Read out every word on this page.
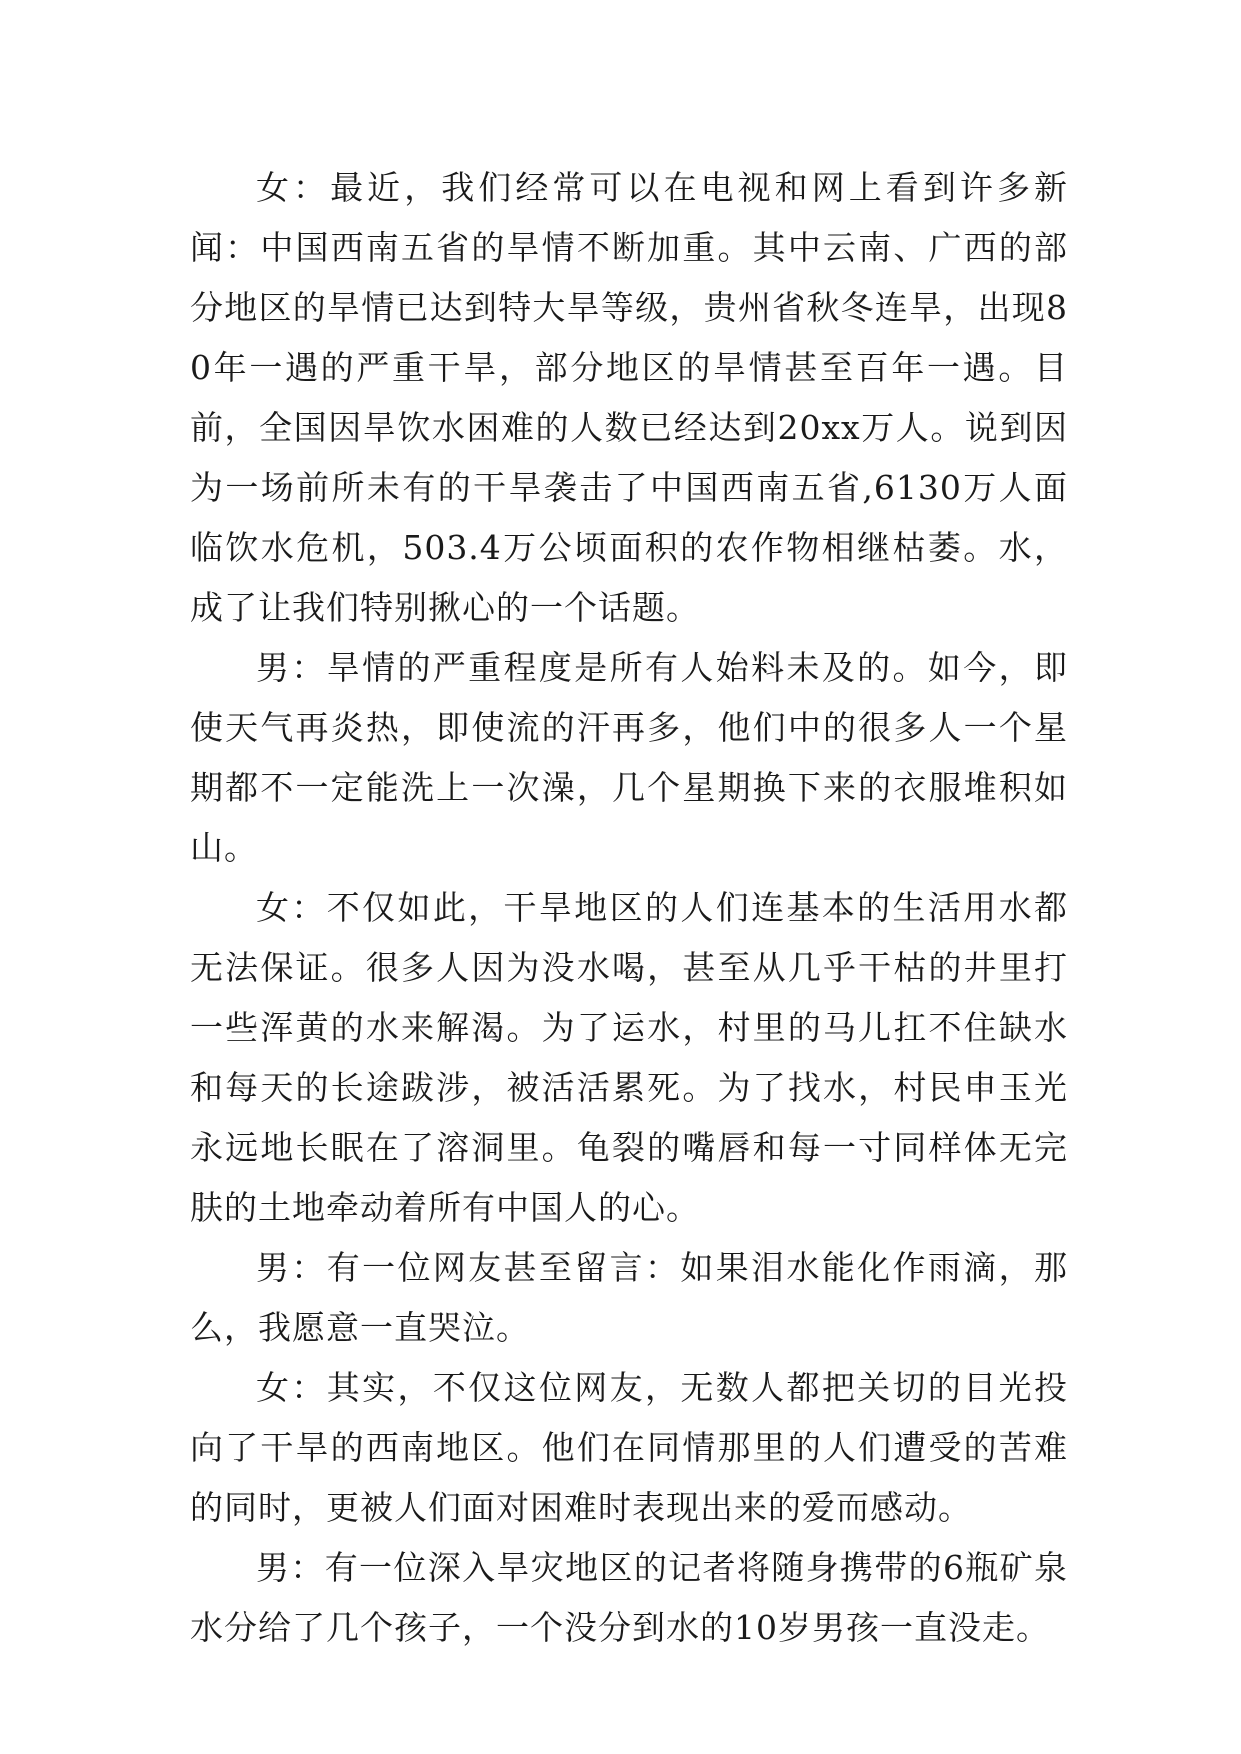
女：最近，我们经常可以在电视和网上看到许多新闻：中国西南五省的旱情不断加重。其中云南、广西的部分地区的旱情已达到特大旱等级，贵州省秋冬连旱，出现80年一遇的严重干旱，部分地区的旱情甚至百年一遇。目前，全国因旱饮水困难的人数已经达到20xx万人。说到因为一场前所未有的干旱袭击了中国西南五省,6130万人面临饮水危机，503.4万公顷面积的农作物相继枯萎。水，成了让我们特别揪心的一个话题。

男：旱情的严重程度是所有人始料未及的。如今，即使天气再炎热，即使流的汗再多，他们中的很多人一个星期都不一定能洗上一次澡，几个星期换下来的衣服堆积如山。

女：不仅如此，干旱地区的人们连基本的生活用水都无法保证。很多人因为没水喝，甚至从几乎干枯的井里打一些浑黄的水来解渴。为了运水，村里的马儿扛不住缺水和每天的长途跋涉，被活活累死。为了找水，村民申玉光永远地长眠在了溶洞里。龟裂的嘴唇和每一寸同样体无完肤的土地牵动着所有中国人的心。

男：有一位网友甚至留言：如果泪水能化作雨滴，那么，我愿意一直哭泣。

女：其实，不仅这位网友，无数人都把关切的目光投向了干旱的西南地区。他们在同情那里的人们遭受的苦难的同时，更被人们面对困难时表现出来的爱而感动。

男：有一位深入旱灾地区的记者将随身携带的6瓶矿泉水分给了几个孩子，一个没分到水的10岁男孩一直没走。
